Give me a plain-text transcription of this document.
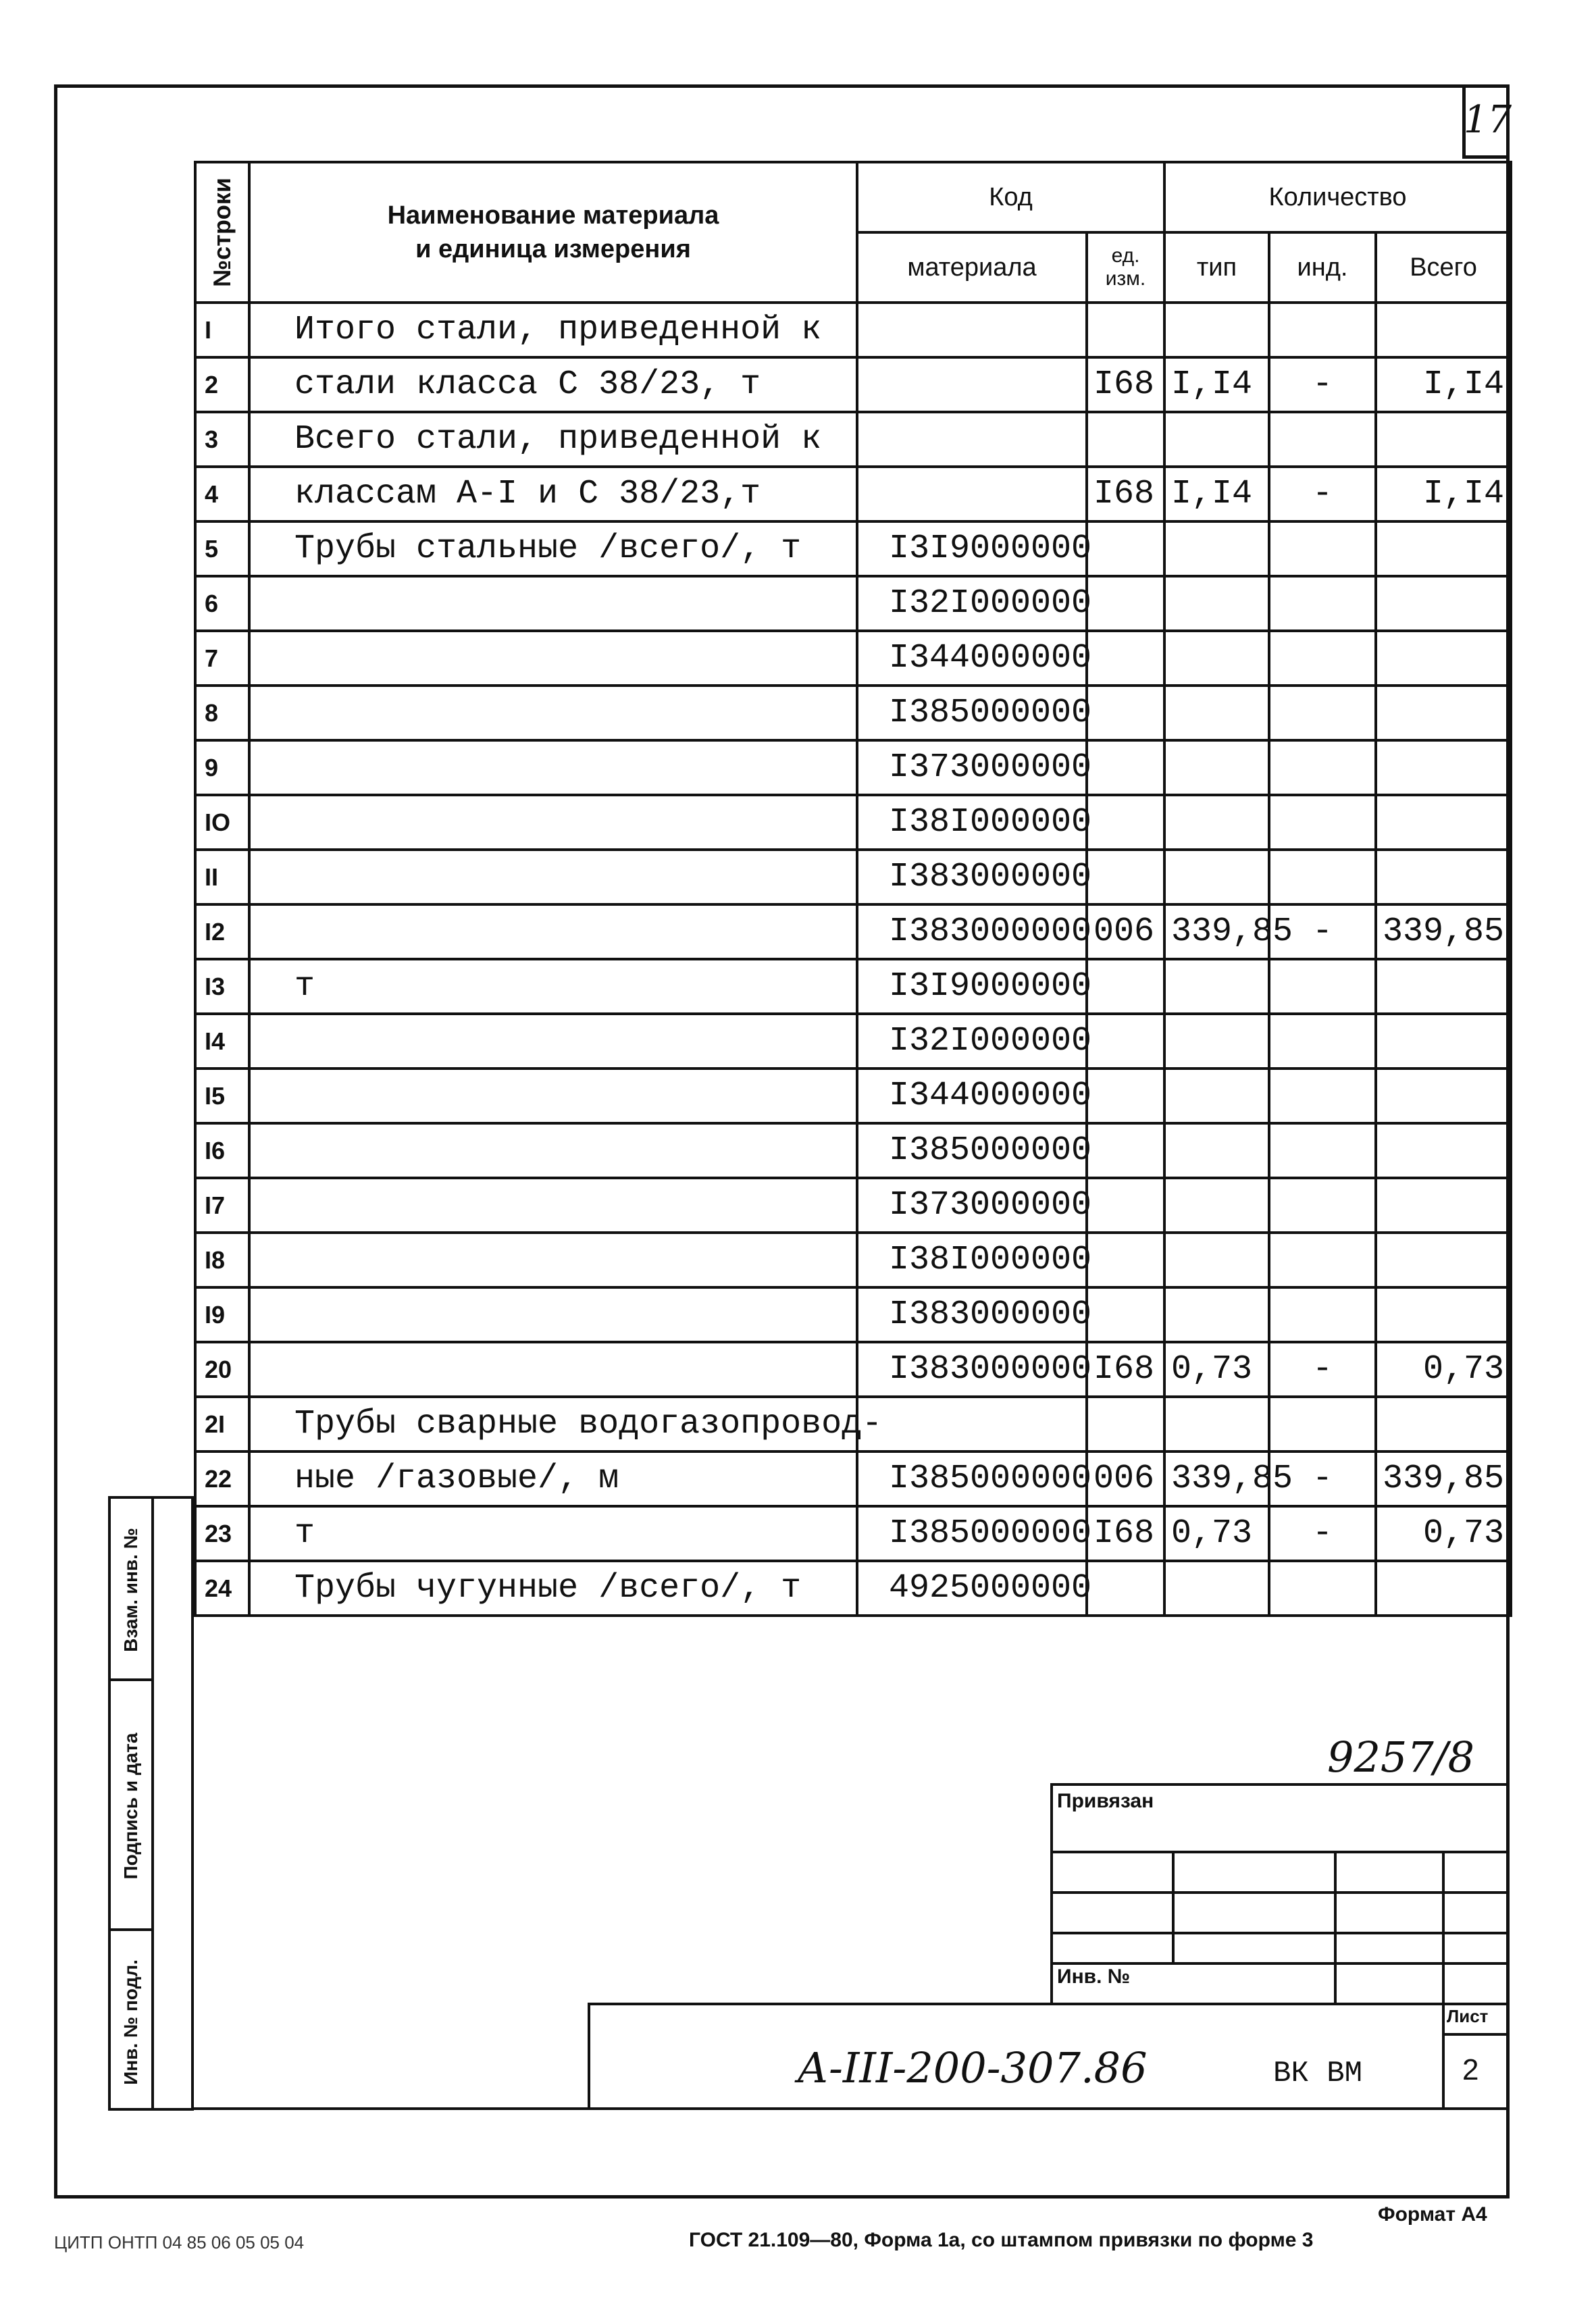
17
№строки	Наименование материала
и единица измерения	Код		Количество		
		материала	ед. изм.	тип	инд.	Всего
I	Итого стали, приведенной к					
2	стали класса С 38/23, т		I68	I,I4	-	I,I4
3	Всего стали, приведенной к					
4	классам А-I и С 38/23,т		I68	I,I4	-	I,I4
5	Трубы стальные /всего/, т	I3I9000000				
6		I32I000000				
7		I344000000				
8		I385000000				
9		I373000000				
IO		I38I000000				
II		I383000000				
I2		I383000000	006	339,85	-	339,85
I3	т	I3I9000000				
I4		I32I000000				
I5		I344000000				
I6		I385000000				
I7		I373000000				
I8		I38I000000				
I9		I383000000				
20		I383000000	I68	0,73	-	0,73
2I	Трубы сварные водогазопровод-					
22	ные /газовые/, м	I385000000	006	339,85	-	339,85
23	т	I385000000	I68	0,73	-	0,73
24	Трубы чугунные /всего/, т	4925000000				
Взам. инв. №
Подпись и дата
Инв. № подл.
9257/8
Привязан
Инв. №
Лист
А-III-200-307.86	ВК ВМ	2
Формат А4
ГОСТ 21.109—80, Форма 1а, со штампом привязки по форме 3
ЦИТП ОНТП 04 85 06 05 05 04
